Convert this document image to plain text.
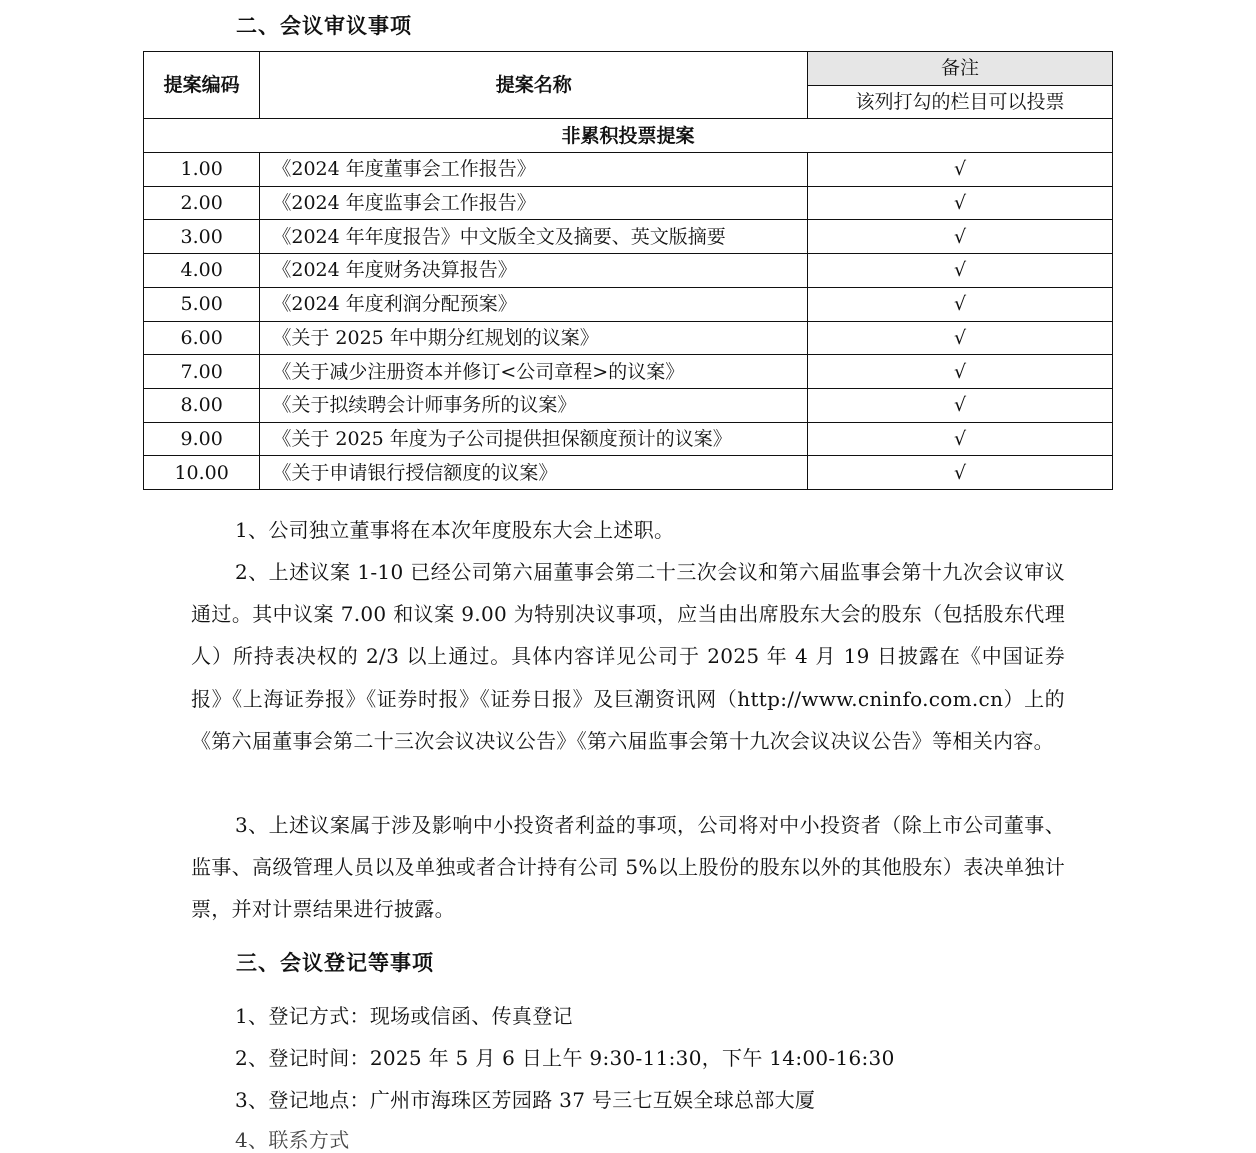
二、会议审议事项
提案编码	提案名称	备注
		该列打勾的栏目可以投票
非累积投票提案		
1.00	《2024 年度董事会工作报告》	√
2.00	《2024 年度监事会工作报告》	√
3.00	《2024 年年度报告》中文版全文及摘要、英文版摘要	√
4.00	《2024 年度财务决算报告》	√
5.00	《2024 年度利润分配预案》	√
6.00	《关于 2025 年中期分红规划的议案》	√
7.00	《关于减少注册资本并修订<公司章程>的议案》	√
8.00	《关于拟续聘会计师事务所的议案》	√
9.00	《关于 2025 年度为子公司提供担保额度预计的议案》	√
10.00	《关于申请银行授信额度的议案》	√
1、公司独立董事将在本次年度股东大会上述职。
2、上述议案 1-10 已经公司第六届董事会第二十三次会议和第六届监事会第十九次会议审议通过。其中议案 7.00 和议案 9.00 为特别决议事项，应当由出席股东大会的股东（包括股东代理人）所持表决权的 2/3 以上通过。具体内容详见公司于 2025 年 4 月 19 日披露在《中国证券报》《上海证券报》《证券时报》《证券日报》及巨潮资讯网（http://www.cninfo.com.cn）上的《第六届董事会第二十三次会议决议公告》《第六届监事会第十九次会议决议公告》等相关内容。
3、上述议案属于涉及影响中小投资者利益的事项，公司将对中小投资者（除上市公司董事、监事、高级管理人员以及单独或者合计持有公司 5%以上股份的股东以外的其他股东）表决单独计票，并对计票结果进行披露。
三、会议登记等事项
1、登记方式：现场或信函、传真登记
2、登记时间：2025 年 5 月 6 日上午 9:30-11:30，下午 14:00-16:30
3、登记地点：广州市海珠区芳园路 37 号三七互娱全球总部大厦
4、联系方式
